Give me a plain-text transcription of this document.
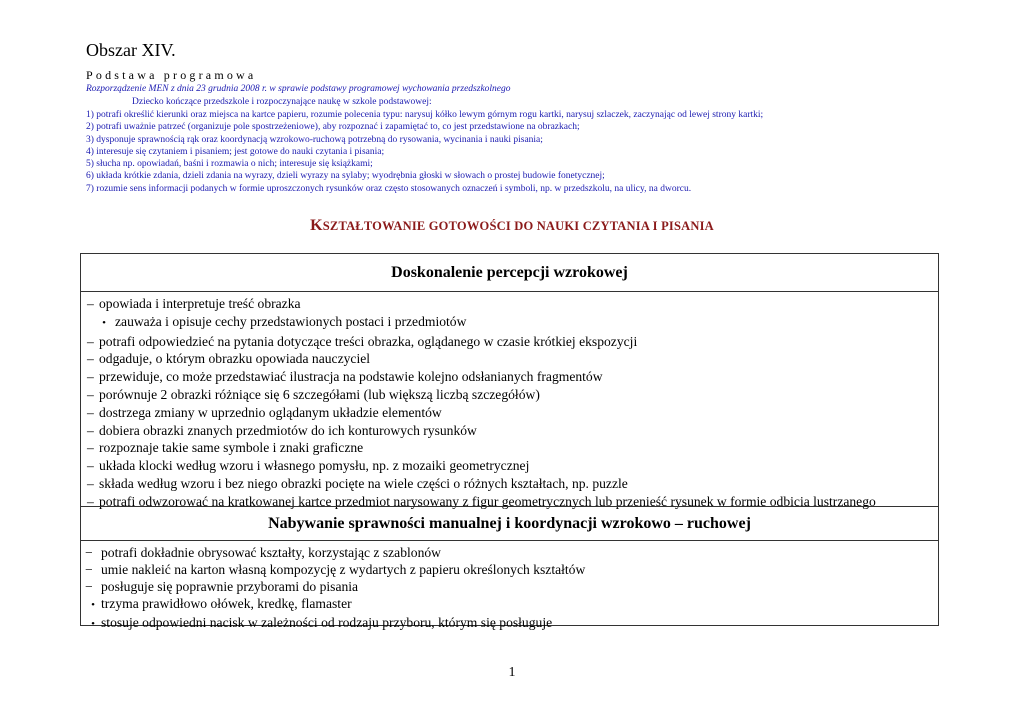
Obszar XIV.
Podstawa programowa
Rozporządzenie MEN z dnia 23 grudnia 2008 r. w sprawie podstawy programowej wychowania przedszkolnego
Dziecko kończące przedszkole i rozpoczynające naukę w szkole podstawowej:
1) potrafi określić kierunki oraz miejsca na kartce papieru, rozumie polecenia typu: narysuj kółko lewym górnym rogu kartki, narysuj szlaczek, zaczynając od lewej strony kartki;
2) potrafi uważnie patrzeć (organizuje pole spostrzeżeniowe), aby rozpoznać i zapamiętać to, co jest przedstawione na obrazkach;
3) dysponuje sprawnością rąk oraz koordynacją wzrokowo-ruchową potrzebną do rysowania, wycinania i nauki pisania;
4) interesuje się czytaniem i pisaniem; jest gotowe do nauki czytania i pisania;
5) słucha np. opowiadań, baśni i rozmawia o nich; interesuje się książkami;
6) układa krótkie zdania, dzieli zdania na wyrazy, dzieli wyrazy na sylaby; wyodrębnia głoski w słowach o prostej budowie fonetycznej;
7) rozumie sens informacji podanych w formie uproszczonych rysunków oraz często stosowanych oznaczeń i symboli, np. w przedszkolu, na ulicy, na dworcu.
KSZTAŁTOWANIE GOTOWOŚCI DO NAUKI CZYTANIA I PISANIA
Doskonalenie percepcji wzrokowej
– opowiada i interpretuje treść obrazka
• zauważa i opisuje cechy przedstawionych postaci i przedmiotów
– potrafi odpowiedzieć na pytania dotyczące treści obrazka, oglądanego w czasie krótkiej ekspozycji
– odgaduje, o którym obrazku opowiada nauczyciel
– przewiduje, co może przedstawiać ilustracja na podstawie kolejno odsłanianych fragmentów
– porównuje 2 obrazki różniące się 6 szczegółami (lub większą liczbą szczegółów)
– dostrzega zmiany w uprzednio oglądanym układzie elementów
– dobiera obrazki znanych przedmiotów do ich konturowych rysunków
– rozpoznaje takie same symbole i znaki graficzne
– układa klocki według wzoru i własnego pomysłu, np. z mozaiki geometrycznej
– składa według wzoru i bez niego obrazki pocięte na wiele części o różnych kształtach, np. puzzle
– potrafi odwzorować na kratkowanej kartce przedmiot narysowany z figur geometrycznych lub przenieść rysunek w formie odbicia lustrzanego
Nabywanie sprawności manualnej i koordynacji wzrokowo – ruchowej
− potrafi dokładnie obrysować kształty, korzystając z szablonów
− umie nakleić na karton własną kompozycję z wydartych z papieru określonych kształtów
− posługuje się poprawnie przyborami do pisania
• trzyma prawidłowo ołówek, kredkę, flamaster
• stosuje odpowiedni nacisk w zależności od rodzaju przyboru, którym się posługuje
1
